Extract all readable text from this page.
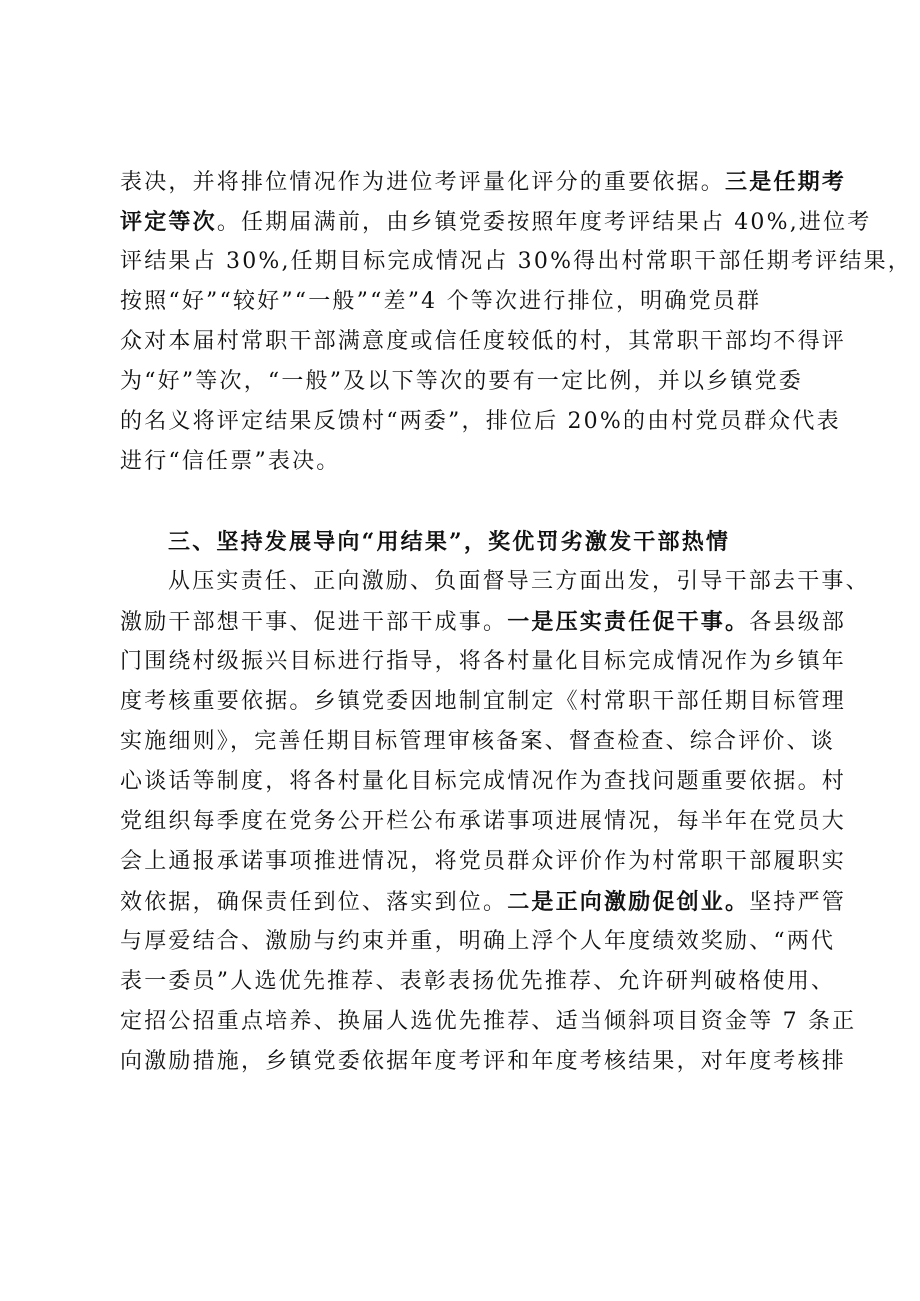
表决，并将排位情况作为进位考评量化评分的重要依据。三是任期考
评定等次。任期届满前，由乡镇党委按照年度考评结果占 40%,进位考
评结果占 30%,任期目标完成情况占 30%得出村常职干部任期考评结果，
按照“好”“较好”“一般”“差”4 个等次进行排位，明确党员群
众对本届村常职干部满意度或信任度较低的村，其常职干部均不得评
为“好”等次，“一般”及以下等次的要有一定比例，并以乡镇党委
的名义将评定结果反馈村“两委”，排位后 20%的由村党员群众代表
进行“信任票”表决。
三、坚持发展导向“用结果”，奖优罚劣激发干部热情
从压实责任、正向激励、负面督导三方面出发，引导干部去干事、
激励干部想干事、促进干部干成事。一是压实责任促干事。各县级部
门围绕村级振兴目标进行指导，将各村量化目标完成情况作为乡镇年
度考核重要依据。乡镇党委因地制宜制定《村常职干部任期目标管理
实施细则》，完善任期目标管理审核备案、督查检查、综合评价、谈
心谈话等制度，将各村量化目标完成情况作为查找问题重要依据。村
党组织每季度在党务公开栏公布承诺事项进展情况，每半年在党员大
会上通报承诺事项推进情况，将党员群众评价作为村常职干部履职实
效依据，确保责任到位、落实到位。二是正向激励促创业。坚持严管
与厚爱结合、激励与约束并重，明确上浮个人年度绩效奖励、“两代
表一委员”人选优先推荐、表彰表扬优先推荐、允许研判破格使用、
定招公招重点培养、换届人选优先推荐、适当倾斜项目资金等 7 条正
向激励措施，乡镇党委依据年度考评和年度考核结果，对年度考核排
